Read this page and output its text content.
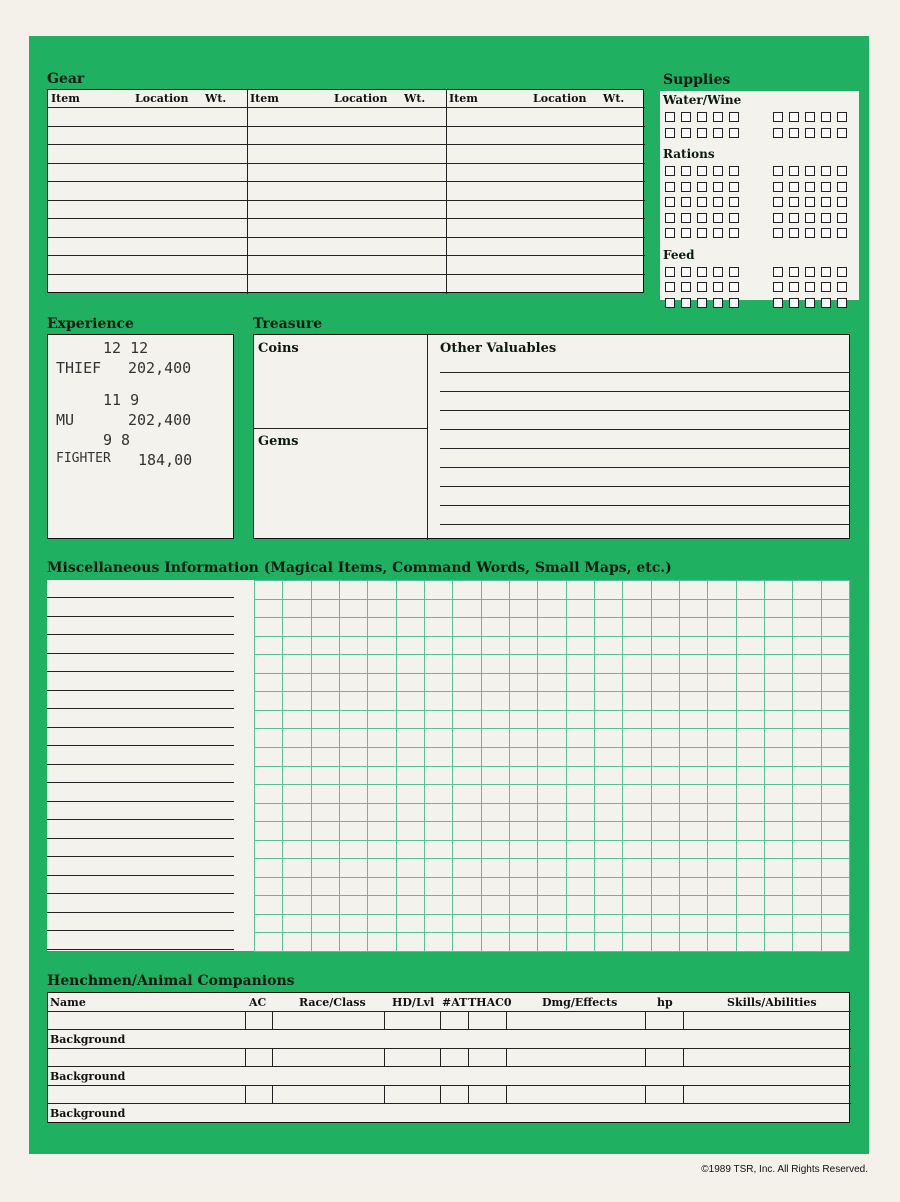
Gear
Item	Location Wt. Item	Location Wt. Item	Location Wt.
Supplies
Water/Wine
Rations
Feed
Experience
12 12
THIEF 202,400
11 9
MU	202,400
9 8
FIGHTER 184,00
Treasure
Coins
Gems
Other Valuables
Miscellaneous Information (Magical Items, Command Words, Small Maps, etc.)
Henchmen/Animal Companions
Name	AC	Race/Class HD/Lvl #AT THAC0	Dmg/Effects	hp	Skills/Abilities
Background
Background
Background
©1989 TSR, Inc. All Rights Reserved.
